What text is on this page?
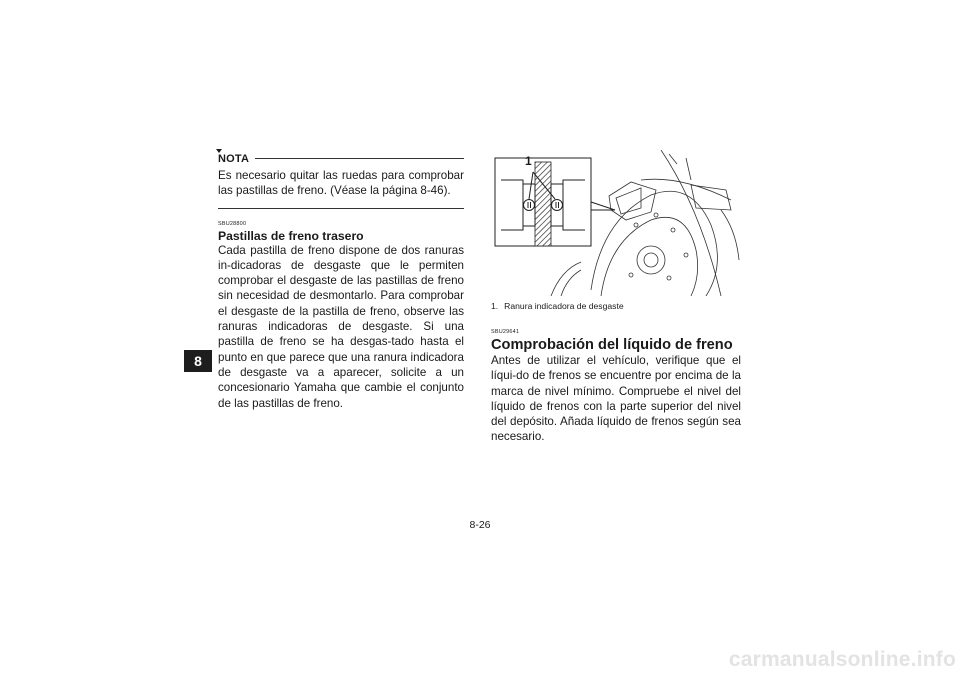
8
NOTA

Es necesario quitar las ruedas para comprobar las pastillas de freno. (Véase la página 8-46).

SBU28800
Pastillas de freno trasero

Cada pastilla de freno dispone de dos ranuras in-dicadoras de desgaste que le permiten comprobar el desgaste de las pastillas de freno sin necesidad de desmontarlo. Para comprobar el desgaste de la pastilla de freno, observe las ranuras indicadoras de desgaste. Si una pastilla de freno se ha desgas-tado hasta el punto en que parece que una ranura indicadora de desgaste va a aparecer, solicite a un concesionario Yamaha que cambie el conjunto de las pastillas de freno.

1
1. Ranura indicadora de desgaste
SBU29641
Comprobación del líquido de freno

Antes de utilizar el vehículo, verifique que el líqui-do de frenos se encuentre por encima de la marca de nivel mínimo. Compruebe el nivel del líquido de frenos con la parte superior del nivel del depósito. Añada líquido de frenos según sea necesario.

8-26
carmanualsonline.info
